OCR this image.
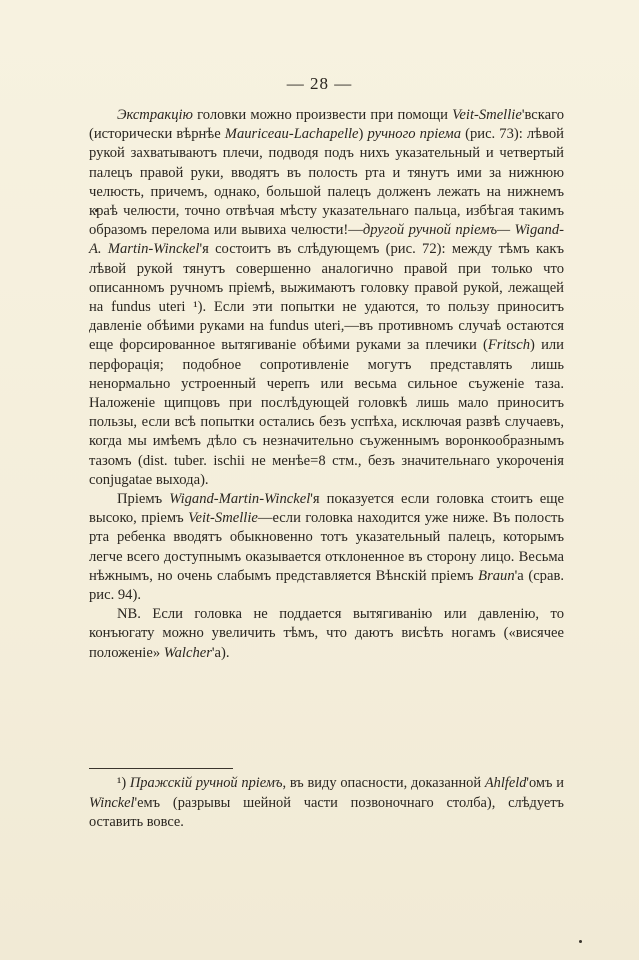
— 28 —

Экстракцію головки можно произвести при помощи Veit-Smellie'вскаго (исторически вѣрнѣе Mauriceau-Lachapelle) ручного пріема (рис. 73): лѣвой рукой захватываютъ плечи, подводя подъ нихъ указательный и четвертый палецъ правой руки, вводятъ въ полость рта и тянутъ ими за нижнюю челюсть, причемъ, однако, большой палецъ долженъ лежать на нижнемъ краѣ челюсти, точно отвѣчая мѣсту указательнаго пальца, избѣгая такимъ образомъ перелома или вывиха челюсти!—другой ручной пріемъ— Wigand-A. Martin-Winckel'я состоитъ въ слѣдующемъ (рис. 72): между тѣмъ какъ лѣвой рукой тянутъ совершенно аналогично правой при только что описанномъ ручномъ пріемѣ, выжимаютъ головку правой рукой, лежащей на fundus uteri ¹). Если эти попытки не удаются, то пользу приноситъ давленіе обѣими руками на fundus uteri,—въ противномъ случаѣ остаются еще форсированное вытягиваніе обѣими руками за плечики (Fritsch) или перфорація; подобное сопротивленіе могутъ представлять лишь ненормально устроенный черепъ или весьма сильное съуженіе таза. Наложеніе щипцовъ при послѣдующей головкѣ лишь мало приноситъ пользы, если всѣ попытки остались безъ успѣха, исключая развѣ случаевъ, когда мы имѣемъ дѣло съ незначительно съуженнымъ воронкообразнымъ тазомъ (dist. tuber. ischii не менѣе=8 стм., безъ значительнаго укороченія conjugatae выхода).

Пріемъ Wigand-Martin-Winckel'я показуется если головка стоитъ еще высоко, пріемъ Veit-Smellie—если головка находится уже ниже. Въ полость рта ребенка вводятъ обыкновенно тотъ указательный палецъ, которымъ легче всего доступнымъ оказывается отклоненное въ сторону лицо. Весьма нѣжнымъ, но очень слабымъ представляется Вѣнскій пріемъ Braun'а (срав. рис. 94).

NB. Если головка не поддается вытягиванію или давленію, то конъюгату можно увеличить тѣмъ, что даютъ висѣть ногамъ («висячее положеніе» Walcher'а).

¹) Пражскій ручной пріемъ, въ виду опасности, доказанной Ahlfeld'омъ и Winckel'емъ (разрывы шейной части позвоночнаго столба), слѣдуетъ оставить вовсе.
